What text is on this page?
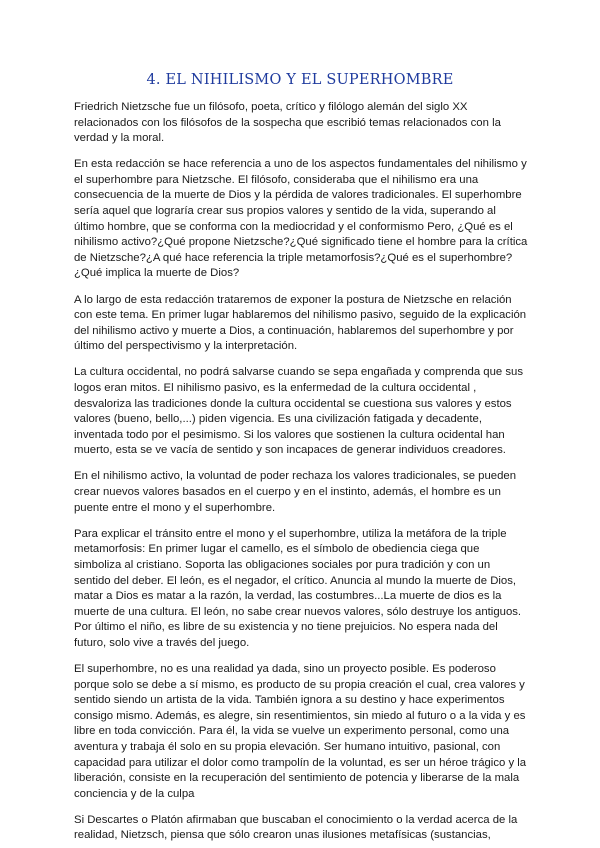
4. EL NIHILISMO Y EL SUPERHOMBRE

Friedrich Nietzsche fue un filósofo, poeta, crítico y filólogo alemán del siglo XX relacionados con los filósofos de la sospecha que escribió temas relacionados con la verdad y la moral.

En esta redacción se hace referencia a uno de los aspectos fundamentales del nihilismo y el superhombre para Nietzsche. El filósofo, consideraba que el nihilismo era una consecuencia de la muerte de Dios y la pérdida de valores tradicionales. El superhombre sería aquel que lograría crear sus propios valores y sentido de la vida, superando al último hombre, que se conforma con la mediocridad y el conformismo Pero, ¿Qué es el nihilismo activo?¿Qué propone Nietzsche?¿Qué significado tiene el hombre para la crítica de Nietzsche?¿A qué hace referencia la triple metamorfosis?¿Qué es el superhombre?¿Qué implica la muerte de Dios?

A lo largo de esta redacción trataremos de exponer la postura de Nietzsche en relación con este tema. En primer lugar hablaremos del nihilismo pasivo, seguido de la explicación del nihilismo activo y muerte a Dios, a continuación, hablaremos del superhombre y por último del perspectivismo y la interpretación.

La cultura occidental, no podrá salvarse cuando se sepa engañada y comprenda que sus logos eran mitos. El nihilismo pasivo, es la enfermedad de la cultura occidental , desvaloriza las tradiciones donde la cultura occidental se cuestiona sus valores y estos valores (bueno, bello,...) piden vigencia. Es una civilización fatigada y decadente, inventada todo por el pesimismo. Si los valores que sostienen la cultura ocidental han muerto, esta se ve vacía de sentido y son incapaces de generar individuos creadores.

En el nihilismo activo, la voluntad de poder rechaza los valores tradicionales, se pueden crear nuevos valores basados en el cuerpo y en el instinto, además, el hombre es un puente entre el mono y el superhombre.

Para explicar el tránsito entre el mono y el superhombre, utiliza la metáfora de la triple metamorfosis: En primer lugar el camello, es el símbolo de obediencia ciega que simboliza al cristiano. Soporta las obligaciones sociales por pura tradición y con un sentido del deber. El león, es el negador, el crítico. Anuncia al mundo la muerte de Dios, matar a Dios es matar a la razón, la verdad, las costumbres...La muerte de dios es la muerte de una cultura. El león, no sabe crear nuevos valores, sólo destruye los antiguos. Por último el niño, es libre de su existencia y no tiene prejuicios. No espera nada del futuro, solo vive a través del juego.

El superhombre, no es una realidad ya dada, sino un proyecto posible. Es poderoso porque solo se debe a sí mismo, es producto de su propia creación el cual, crea valores y sentido siendo un artista de la vida. También ignora a su destino y hace experimentos consigo mismo. Además, es alegre, sin resentimientos, sin miedo al futuro o a la vida y es libre en toda convicción. Para él, la vida se vuelve un experimento personal, como una aventura y trabaja él solo en su propia elevación. Ser humano intuitivo, pasional, con capacidad para utilizar el dolor como trampolín de la voluntad, es ser un héroe trágico y la liberación, consiste en la recuperación del sentimiento de potencia y liberarse de la mala conciencia y de la culpa

Si Descartes o Platón afirmaban que buscaban el conocimiento o la verdad acerca de la realidad, Nietzsch, piensa que sólo crearon unas ilusiones metafísicas (sustancias,
